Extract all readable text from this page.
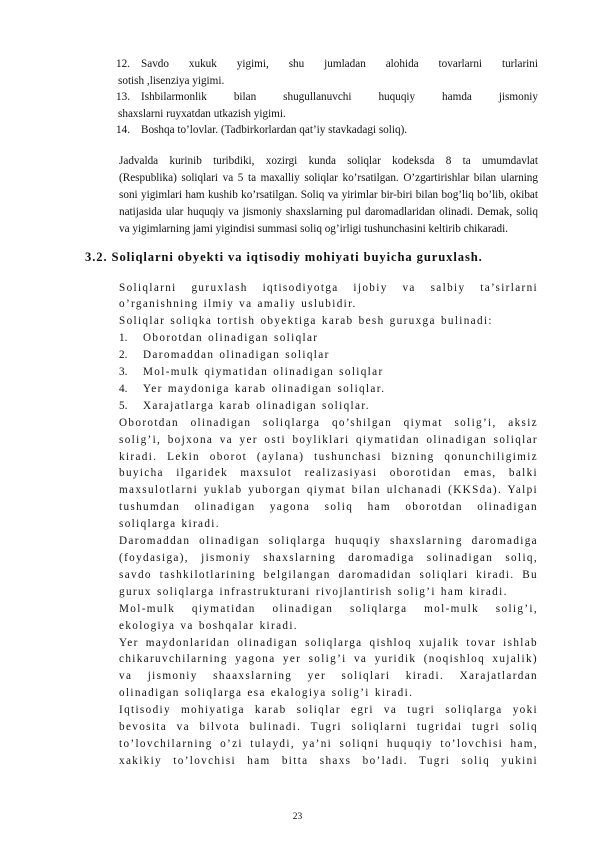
12. Savdo xukuk yigimi, shu jumladan alohida tovarlarni turlarini
sotish ,lisenziya yigimi.
13. Ishbilarmonlik bilan shugullanuvchi huquqiy hamda jismoniy
shaxslarni ruyxatdan utkazish yigimi.
14. Boshqa to’lovlar. (Tadbirkorlardan qat’iy stavkadagi soliq).
Jadvalda kurinib turibdiki, xozirgi kunda soliqlar kodeksda 8 ta umumdavlat
(Respublika) soliqlari va 5 ta maxalliy soliqlar ko’rsatilgan. O’zgartirishlar bilan ularning soni yigimlari ham kushib ko’rsatilgan. Soliq va yirimlar bir-biri bilan bog’liq bo’lib, okibat natijasida ular huquqiy va jismoniy shaxslarning pul daromadlaridan olinadi. Demak, soliq va yigimlarning jami yigindisi summasi soliq og’irligi tushunchasini keltirib chikaradi.
3.2. Soliqlarni obyekti va iqtisodiy mohiyati buyicha guruxlash.

Soliqlarni guruxlash iqtisodiyotga ijobiy va salbiy ta’sirlarni o’rganishning ilmiy va amaliy uslubidir.

Soliqlar soliqka tortish obyektiga karab besh guruxga bulinadi:

1. Oborotdan olinadigan soliqlar
2. Daromaddan olinadigan soliqlar
3. Mol-mulk qiymatidan olinadigan soliqlar
4. Yer maydoniga karab olinadigan soliqlar.
5. Xarajatlarga karab olinadigan soliqlar.

Oborotdan olinadigan soliqlarga qo’shilgan qiymat solig’i, aksiz solig’i, bojxona va yer osti boyliklari qiymatidan olinadigan soliqlar kiradi. Lekin oborot (aylana) tushunchasi bizning qonunchiligimiz buyicha ilgaridek maxsulot realizasiyasi oborotidan emas, balki maxsulotlarni yuklab yuborgan qiymat bilan ulchanadi (KKSda). Yalpi tushumdan olinadigan yagona soliq ham oborotdan olinadigan soliqlarga kiradi.

Daromaddan olinadigan soliqlarga huquqiy shaxslarning daromadiga (foydasiga), jismoniy shaxslarning daromadiga solinadigan soliq, savdo tashkilotlarining belgilangan daromadidan soliqlari kiradi. Bu gurux soliqlarga infrastrukturani rivojlantirish solig’i ham kiradi.

Mol-mulk qiymatidan olinadigan soliqlarga mol-mulk solig’i, ekologiya va boshqalar kiradi.

Yer maydonlaridan olinadigan soliqlarga qishloq xujalik tovar ishlab chikaruvchilarning yagona yer solig’i va yuridik (noqishloq xujalik) va jismoniy shaaxslarning yer soliqlari kiradi. Xarajatlardan olinadigan soliqlarga esa ekalogiya solig’i kiradi.

Iqtisodiy mohiyatiga karab soliqlar egri va tugri soliqlarga yoki bevosita va bilvota bulinadi. Tugri soliqlarni tugridai tugri soliq to’lovchilarning o’zi tulaydi, ya’ni soliqni huquqiy to’lovchisi ham, xakikiy to’lovchisi ham bitta shaxs bo’ladi. Tugri soliq yukini

23
